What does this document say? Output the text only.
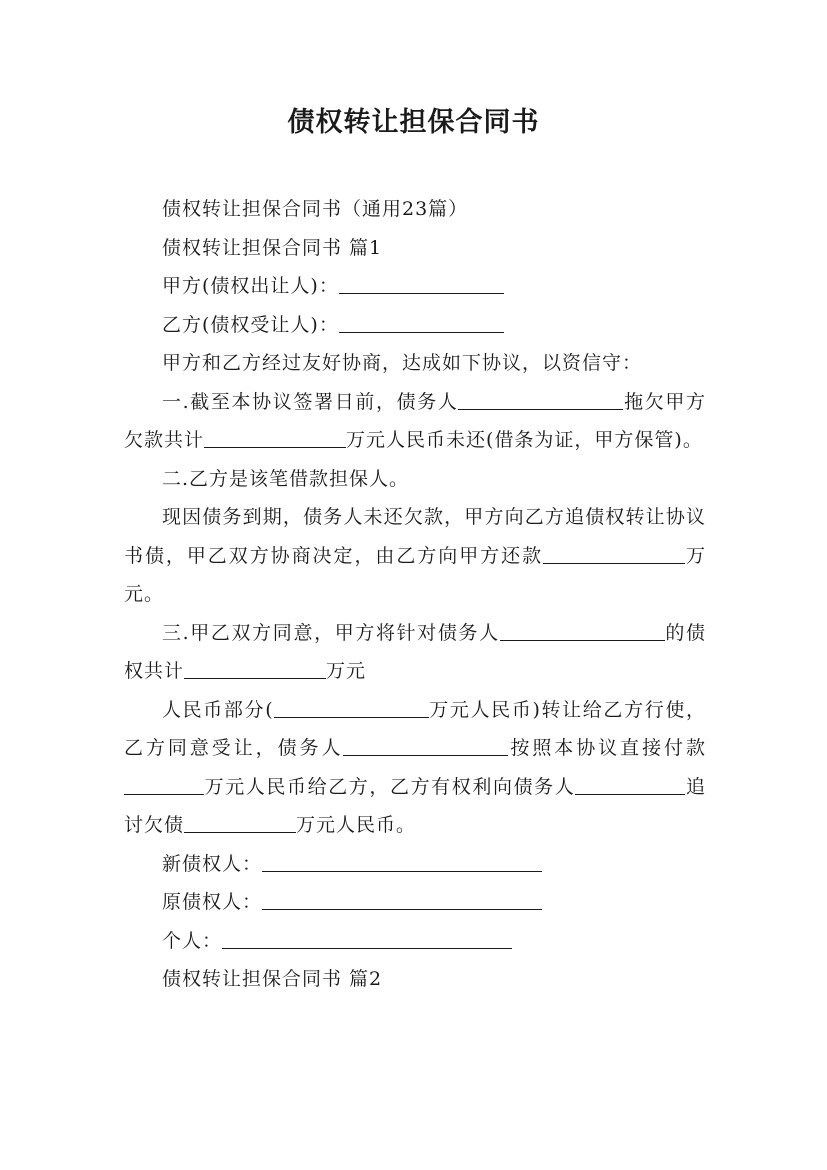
债权转让担保合同书

债权转让担保合同书（通用23篇）

债权转让担保合同书 篇1

甲方(债权出让人)：

乙方(债权受让人)：

甲方和乙方经过友好协商，达成如下协议，以资信守：

一.截至本协议签署日前，债务人	拖欠甲方欠款共计	万元人民币未还(借条为证，甲方保管)。

二.乙方是该笔借款担保人。

现因债务到期，债务人未还欠款，甲方向乙方追债权转让协议书债，甲乙双方协商决定，由乙方向甲方还款	万元。

三.甲乙双方同意，甲方将针对债务人	的债权共计	万元

人民币部分(	万元人民币)转让给乙方行使，乙方同意受让，债务人	按照本协议直接付款万元人民币给乙方，乙方有权利向债务人	追讨欠债	万元人民币。

新债权人：

原债权人：

个人：

债权转让担保合同书 篇2
